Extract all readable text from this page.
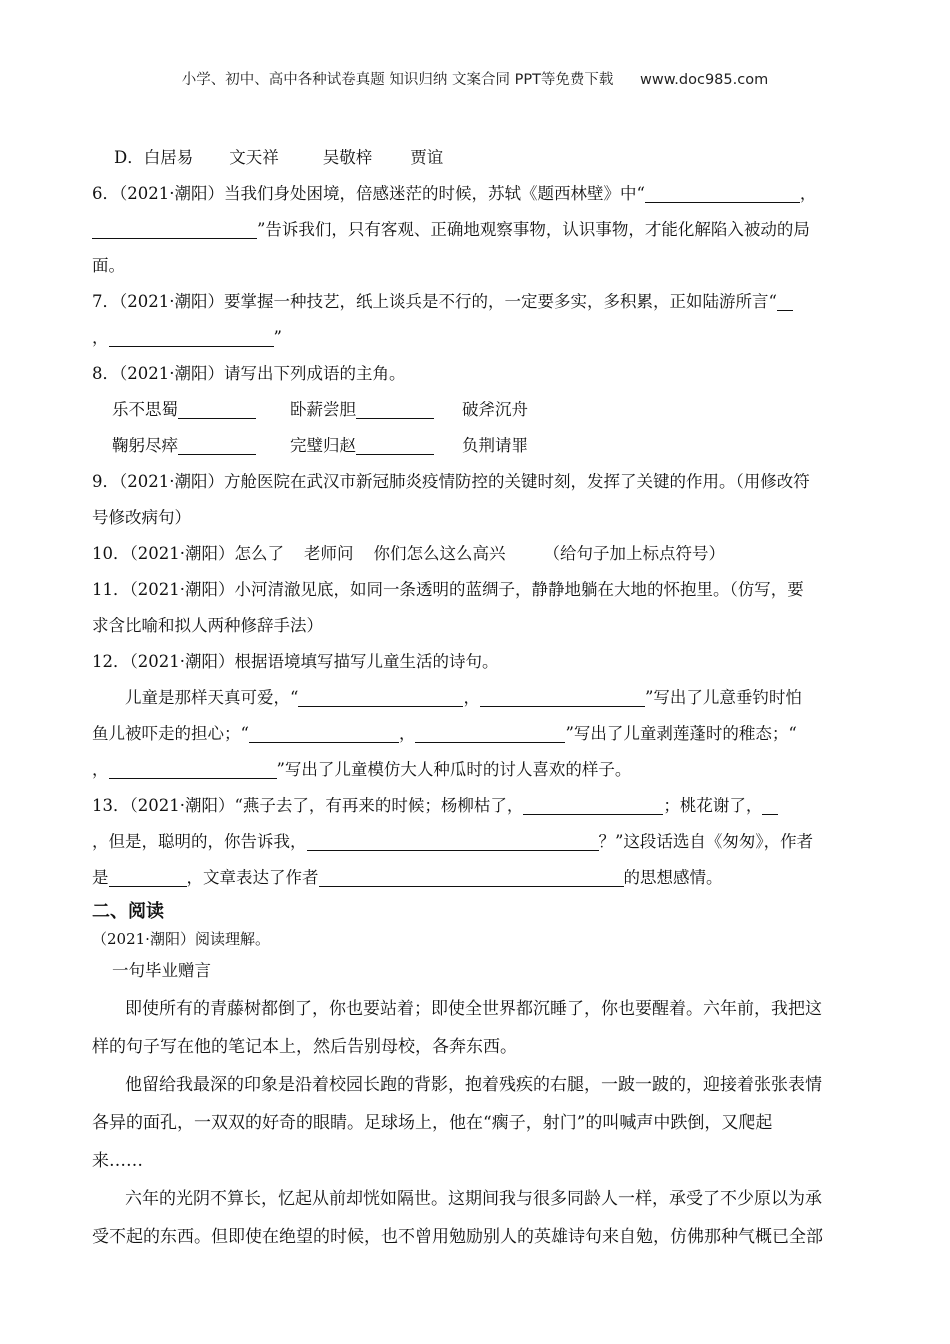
小学、初中、高中各种试卷真题 知识归纳 文案合同 PPT等免费下载 www.doc985.com
D．白居易 文天祥	吴敬梓 贾谊
6．（2021·潮阳）当我们身处困境，倍感迷茫的时候，苏轼《题西林壁》中“	，
”告诉我们，只有客观、正确地观察事物，认识事物，才能化解陷入被动的局
面。
7．（2021·潮阳）要掌握一种技艺，纸上谈兵是不行的，一定要多实，多积累，正如陆游所言“
，	”
8．（2021·潮阳）请写出下列成语的主角。
乐不思蜀	卧薪尝胆	破斧沉舟
鞠躬尽瘁	完璧归赵	负荆请罪
9．（2021·潮阳）方舱医院在武汉市新冠肺炎疫情防控的关键时刻，发挥了关键的作用。（用修改符
号修改病句）
10．（2021·潮阳）怎么了 老师问 你们怎么这么高兴 （给句子加上标点符号）
11．（2021·潮阳）小河清澈见底，如同一条透明的蓝绸子，静静地躺在大地的怀抱里。（仿写，要
求含比喻和拟人两种修辞手法）
12．（2021·潮阳）根据语境填写描写儿童生活的诗句。
儿童是那样天真可爱，“	，	”写出了儿意垂钓时怕
鱼儿被吓走的担心；“	，	”写出了儿童剥莲蓬时的稚态；“
，	”写出了儿童模仿大人种瓜时的讨人喜欢的样子。
13．（2021·潮阳）“燕子去了，有再来的时候；杨柳枯了，	；桃花谢了，
，但是，聪明的，你告诉我，	？”这段话选自《匆匆》，作者
是	，文章表达了作者	的思想感情。
二、阅读
（2021·潮阳）阅读理解。
一句毕业赠言
即使所有的青藤树都倒了，你也要站着；即使全世界都沉睡了，你也要醒着。六年前，我把这
样的句子写在他的笔记本上，然后告别母校，各奔东西。
他留给我最深的印象是沿着校园长跑的背影，抱着残疾的右腿，一跛一跛的，迎接着张张表情
各异的面孔，一双双的好奇的眼睛。足球场上，他在“瘸子，射门”的叫喊声中跌倒，又爬起
来……
六年的光阴不算长，忆起从前却恍如隔世。这期间我与很多同龄人一样，承受了不少原以为承
受不起的东西。但即使在绝望的时候，也不曾用勉励别人的英雄诗句来自勉，仿佛那种气概已全部
